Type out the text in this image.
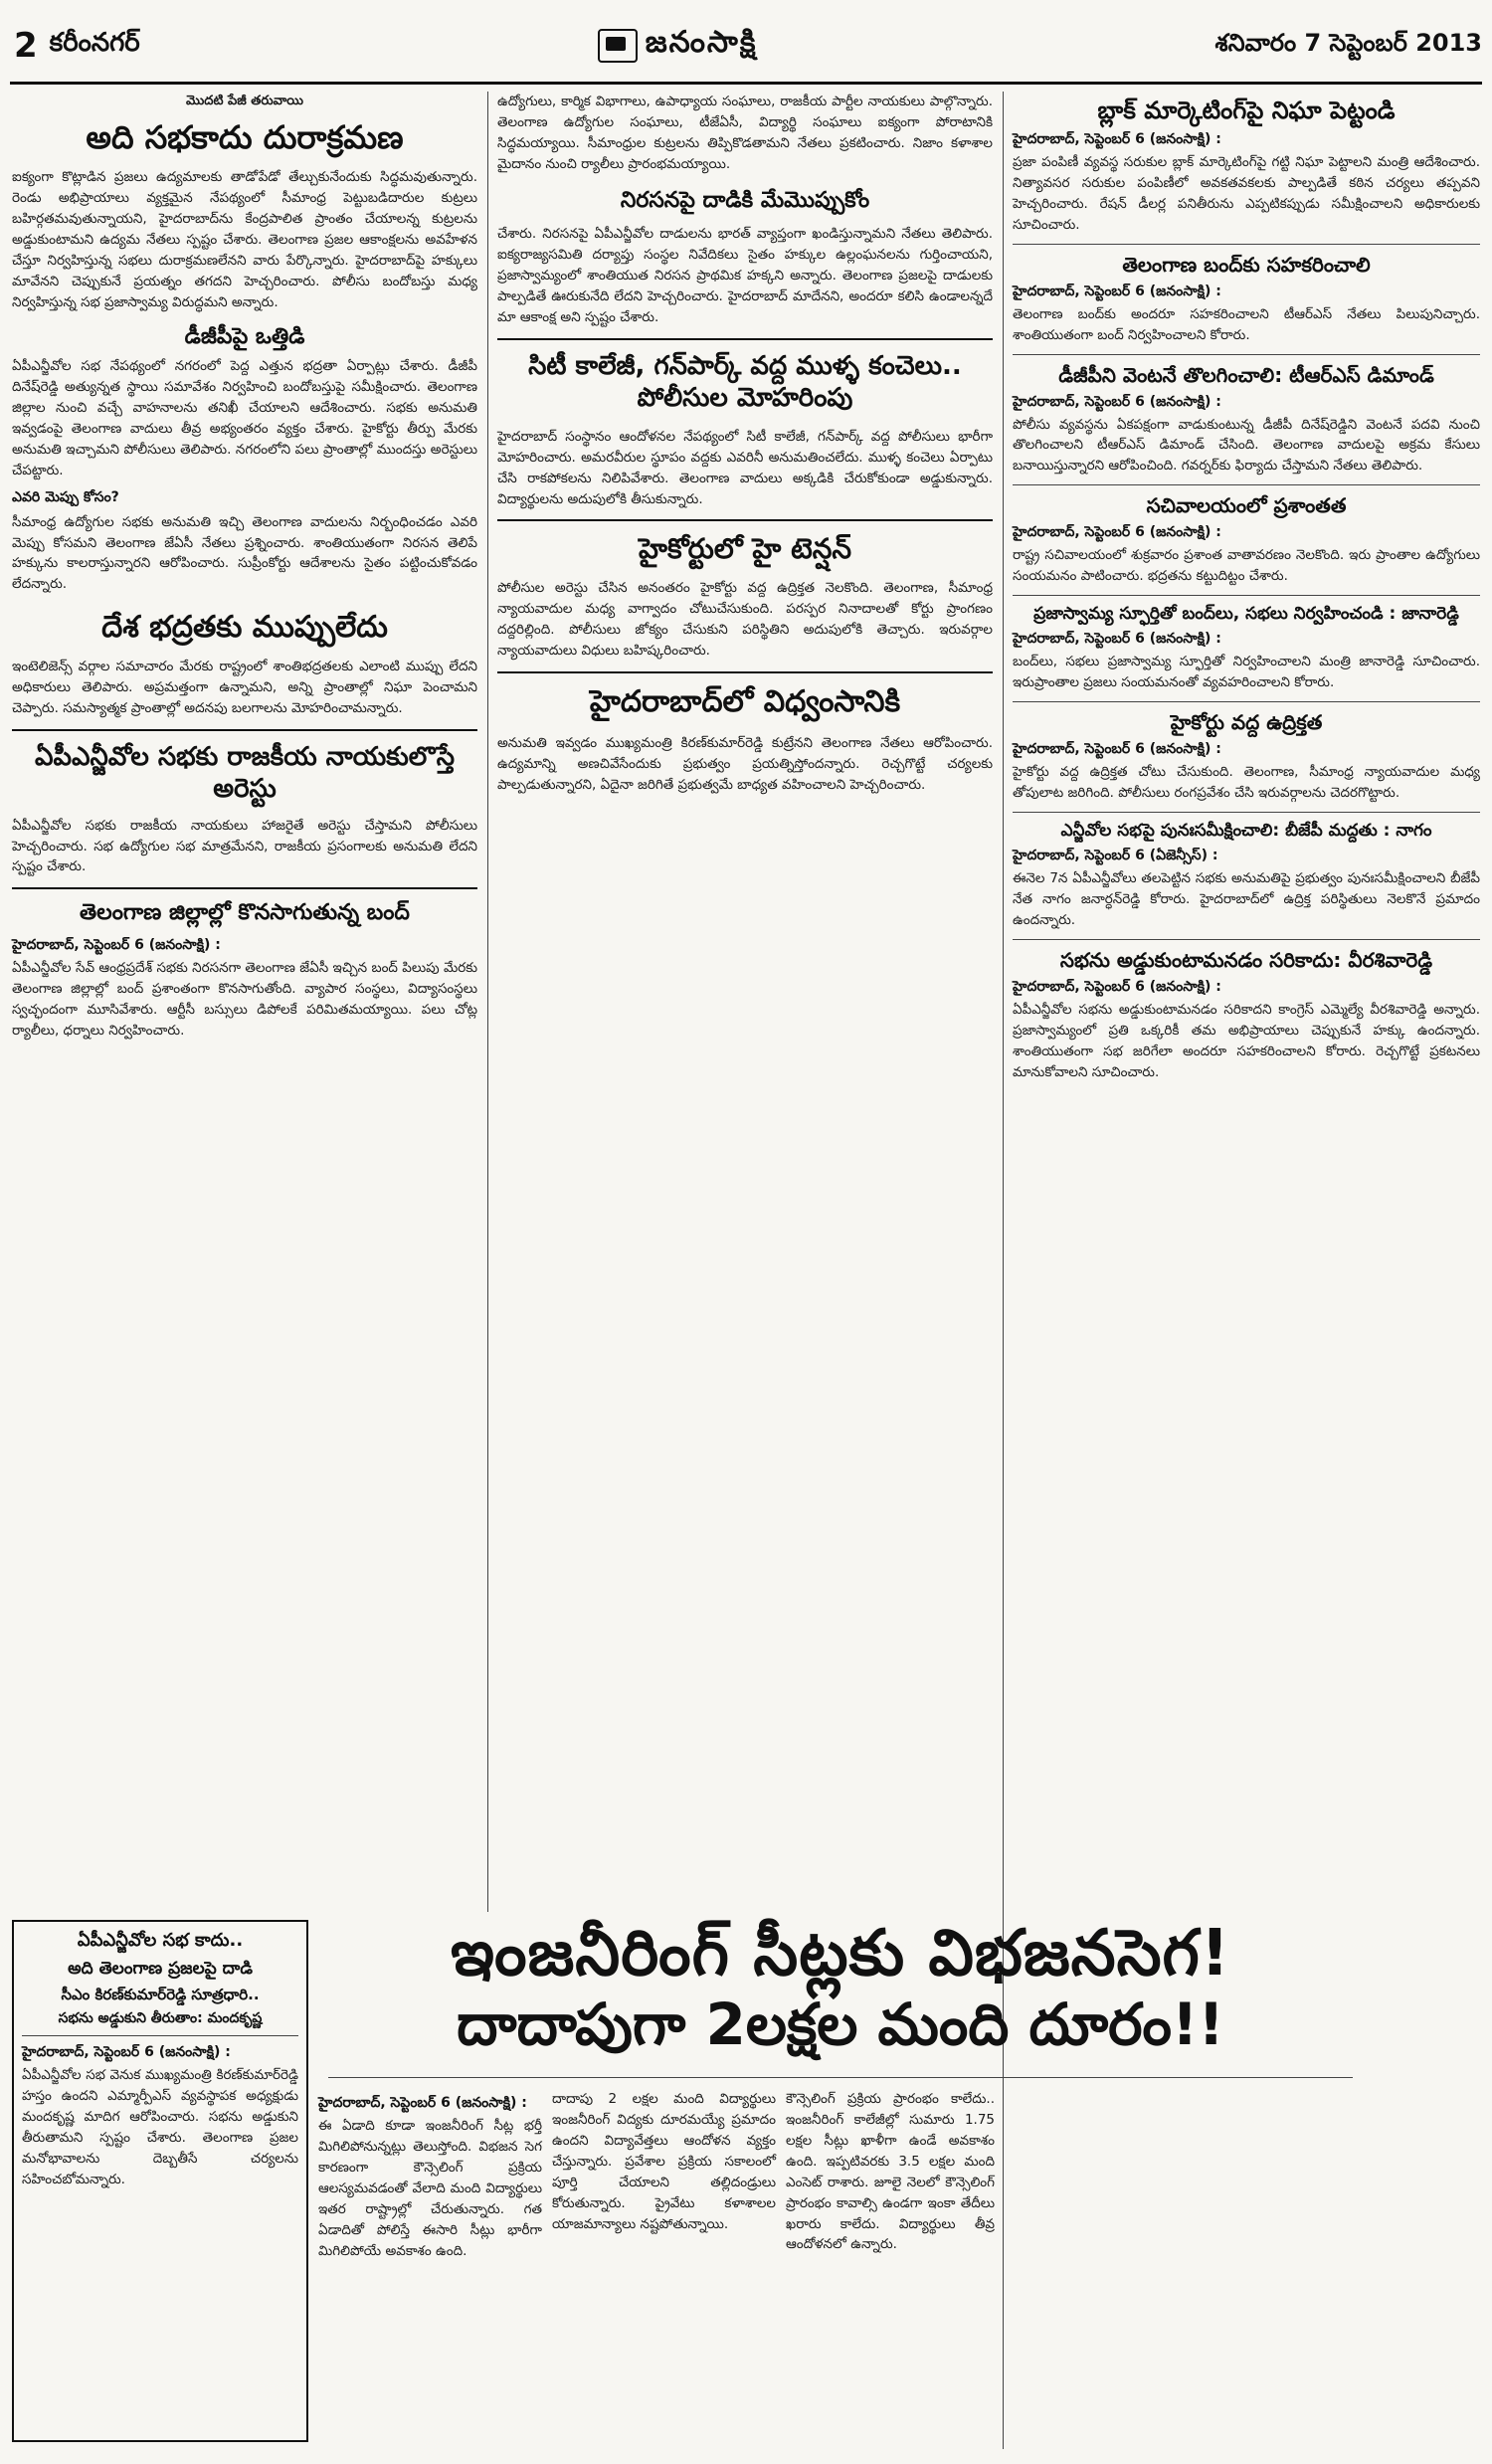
2 కరీంనగర్	జనంసాక్షి	శనివారం 7 సెప్టెంబర్ 2013
మొదటి పేజీ తరువాయి
అది సభకాదు దురాక్రమణ
ఐక్యంగా కొట్లాడిన ప్రజలు ఉద్యమాలకు తాడోపేడో తేల్చుకునేందుకు సిద్ధమవుతున్నారు. రెండు అభిప్రాయాలు వ్యక్తమైన నేపథ్యంలో సీమాంధ్ర పెట్టుబడిదారుల కుట్రలు బహిర్గతమవుతున్నాయని, హైదరాబాద్‌ను కేంద్రపాలిత ప్రాంతం చేయాలన్న కుట్రలను అడ్డుకుంటామని ఉద్యమ నేతలు స్పష్టం చేశారు. తెలంగాణ ప్రజల ఆకాంక్షలను అవహేళన చేస్తూ నిర్వహిస్తున్న సభలు దురాక్రమణలేనని వారు పేర్కొన్నారు. హైదరాబాద్‌పై హక్కులు మావేనని చెప్పుకునే ప్రయత్నం తగదని హెచ్చరించారు. పోలీసు బందోబస్తు మధ్య నిర్వహిస్తున్న సభ ప్రజాస్వామ్య విరుద్ధమని అన్నారు.
డీజీపీపై ఒత్తిడి
ఏపీఎన్జీవోల సభ నేపథ్యంలో నగరంలో పెద్ద ఎత్తున భద్రతా ఏర్పాట్లు చేశారు. డీజీపీ దినేష్‌రెడ్డి అత్యున్నత స్థాయి సమావేశం నిర్వహించి బందోబస్తుపై సమీక్షించారు. తెలంగాణ జిల్లాల నుంచి వచ్చే వాహనాలను తనిఖీ చేయాలని ఆదేశించారు. సభకు అనుమతి ఇవ్వడంపై తెలంగాణ వాదులు తీవ్ర అభ్యంతరం వ్యక్తం చేశారు. హైకోర్టు తీర్పు మేరకు అనుమతి ఇచ్చామని పోలీసులు తెలిపారు. నగరంలోని పలు ప్రాంతాల్లో ముందస్తు అరెస్టులు చేపట్టారు.
ఎవరి మెప్పు కోసం?
సీమాంధ్ర ఉద్యోగుల సభకు అనుమతి ఇచ్చి తెలంగాణ వాదులను నిర్బంధించడం ఎవరి మెప్పు కోసమని తెలంగాణ జేఏసీ నేతలు ప్రశ్నించారు. శాంతియుతంగా నిరసన తెలిపే హక్కును కాలరాస్తున్నారని ఆరోపించారు. సుప్రీంకోర్టు ఆదేశాలను సైతం పట్టించుకోవడం లేదన్నారు.
దేశ భద్రతకు ముప్పులేదు
ఇంటెలిజెన్స్ వర్గాల సమాచారం మేరకు రాష్ట్రంలో శాంతిభద్రతలకు ఎలాంటి ముప్పు లేదని అధికారులు తెలిపారు. అప్రమత్తంగా ఉన్నామని, అన్ని ప్రాంతాల్లో నిఘా పెంచామని చెప్పారు. సమస్యాత్మక ప్రాంతాల్లో అదనపు బలగాలను మోహరించామన్నారు.
ఏపీఎన్జీవోల సభకు రాజకీయ నాయకులొస్తే అరెస్టు
ఏపీఎన్జీవోల సభకు రాజకీయ నాయకులు హాజరైతే అరెస్టు చేస్తామని పోలీసులు హెచ్చరించారు. సభ ఉద్యోగుల సభ మాత్రమేనని, రాజకీయ ప్రసంగాలకు అనుమతి లేదని స్పష్టం చేశారు.
తెలంగాణ జిల్లాల్లో కొనసాగుతున్న బంద్
హైదరాబాద్, సెప్టెంబర్ 6 (జనంసాక్షి) :
ఏపీఎన్జీవోల సేవ్ ఆంధ్రప్రదేశ్ సభకు నిరసనగా తెలంగాణ జేఏసీ ఇచ్చిన బంద్ పిలుపు మేరకు తెలంగాణ జిల్లాల్లో బంద్ ప్రశాంతంగా కొనసాగుతోంది. వ్యాపార సంస్థలు, విద్యాసంస్థలు స్వచ్ఛందంగా మూసివేశారు. ఆర్టీసీ బస్సులు డిపోలకే పరిమితమయ్యాయి. పలు చోట్ల ర్యాలీలు, ధర్నాలు నిర్వహించారు.
ఉద్యోగులు, కార్మిక విభాగాలు, ఉపాధ్యాయ సంఘాలు, రాజకీయ పార్టీల నాయకులు పాల్గొన్నారు. తెలంగాణ ఉద్యోగుల సంఘాలు, టీజేఏసీ, విద్యార్థి సంఘాలు ఐక్యంగా పోరాటానికి సిద్ధమయ్యాయి. సీమాంధ్రుల కుట్రలను తిప్పికొడతామని నేతలు ప్రకటించారు. నిజాం కళాశాల మైదానం నుంచి ర్యాలీలు ప్రారంభమయ్యాయి.
నిరసనపై దాడికి మేమొప్పుకోం
చేశారు. నిరసనపై ఏపీఎన్జీవోల దాడులను భారత్ వ్యాప్తంగా ఖండిస్తున్నామని నేతలు తెలిపారు. ఐక్యరాజ్యసమితి దర్యాప్తు సంస్థల నివేదికలు సైతం హక్కుల ఉల్లంఘనలను గుర్తించాయని, ప్రజాస్వామ్యంలో శాంతియుత నిరసన ప్రాథమిక హక్కని అన్నారు. తెలంగాణ ప్రజలపై దాడులకు పాల్పడితే ఊరుకునేది లేదని హెచ్చరించారు. హైదరాబాద్ మాదేనని, అందరూ కలిసి ఉండాలన్నదే మా ఆకాంక్ష అని స్పష్టం చేశారు.
సిటీ కాలేజీ, గన్‌పార్క్ వద్ద ముళ్ళ కంచెలు.. పోలీసుల మోహరింపు
హైదరాబాద్ సంస్థానం ఆందోళనల నేపథ్యంలో సిటీ కాలేజీ, గన్‌పార్క్ వద్ద పోలీసులు భారీగా మోహరించారు. అమరవీరుల స్థూపం వద్దకు ఎవరినీ అనుమతించలేదు. ముళ్ళ కంచెలు ఏర్పాటు చేసి రాకపోకలను నిలిపివేశారు. తెలంగాణ వాదులు అక్కడికి చేరుకోకుండా అడ్డుకున్నారు. విద్యార్థులను అదుపులోకి తీసుకున్నారు.
హైకోర్టులో హై టెన్షన్
పోలీసుల అరెస్టు చేసిన అనంతరం హైకోర్టు వద్ద ఉద్రిక్తత నెలకొంది. తెలంగాణ, సీమాంధ్ర న్యాయవాదుల మధ్య వాగ్వాదం చోటుచేసుకుంది. పరస్పర నినాదాలతో కోర్టు ప్రాంగణం దద్దరిల్లింది. పోలీసులు జోక్యం చేసుకుని పరిస్థితిని అదుపులోకి తెచ్చారు. ఇరువర్గాల న్యాయవాదులు విధులు బహిష్కరించారు.
హైదరాబాద్‌లో విధ్వంసానికి
అనుమతి ఇవ్వడం ముఖ్యమంత్రి కిరణ్‌కుమార్‌రెడ్డి కుట్రేనని తెలంగాణ నేతలు ఆరోపించారు. ఉద్యమాన్ని అణచివేసేందుకు ప్రభుత్వం ప్రయత్నిస్తోందన్నారు. రెచ్చగొట్టే చర్యలకు పాల్పడుతున్నారని, ఏదైనా జరిగితే ప్రభుత్వమే బాధ్యత వహించాలని హెచ్చరించారు.
బ్లాక్ మార్కెటింగ్‌పై నిఘా పెట్టండి
హైదరాబాద్, సెప్టెంబర్ 6 (జనంసాక్షి) :
ప్రజా పంపిణీ వ్యవస్థ సరుకుల బ్లాక్ మార్కెటింగ్‌పై గట్టి నిఘా పెట్టాలని మంత్రి ఆదేశించారు. నిత్యావసర సరుకుల పంపిణీలో అవకతవకలకు పాల్పడితే కఠిన చర్యలు తప్పవని హెచ్చరించారు. రేషన్ డీలర్ల పనితీరును ఎప్పటికప్పుడు సమీక్షించాలని అధికారులకు సూచించారు.
తెలంగాణ బంద్‌కు సహకరించాలి
హైదరాబాద్, సెప్టెంబర్ 6 (జనంసాక్షి) :
తెలంగాణ బంద్‌కు అందరూ సహకరించాలని టీఆర్ఎస్ నేతలు పిలుపునిచ్చారు. శాంతియుతంగా బంద్ నిర్వహించాలని కోరారు.
డీజీపీని వెంటనే తొలగించాలి: టీఆర్ఎస్ డిమాండ్
హైదరాబాద్, సెప్టెంబర్ 6 (జనంసాక్షి) :
పోలీసు వ్యవస్థను ఏకపక్షంగా వాడుకుంటున్న డీజీపీ దినేష్‌రెడ్డిని వెంటనే పదవి నుంచి తొలగించాలని టీఆర్ఎస్ డిమాండ్ చేసింది. తెలంగాణ వాదులపై అక్రమ కేసులు బనాయిస్తున్నారని ఆరోపించింది. గవర్నర్‌కు ఫిర్యాదు చేస్తామని నేతలు తెలిపారు.
సచివాలయంలో ప్రశాంతత
హైదరాబాద్, సెప్టెంబర్ 6 (జనంసాక్షి) :
రాష్ట్ర సచివాలయంలో శుక్రవారం ప్రశాంత వాతావరణం నెలకొంది. ఇరు ప్రాంతాల ఉద్యోగులు సంయమనం పాటించారు. భద్రతను కట్టుదిట్టం చేశారు.
ప్రజాస్వామ్య స్ఫూర్తితో బంద్‌లు, సభలు నిర్వహించండి : జానారెడ్డి
హైదరాబాద్, సెప్టెంబర్ 6 (జనంసాక్షి) :
బంద్‌లు, సభలు ప్రజాస్వామ్య స్ఫూర్తితో నిర్వహించాలని మంత్రి జానారెడ్డి సూచించారు. ఇరుప్రాంతాల ప్రజలు సంయమనంతో వ్యవహరించాలని కోరారు.
హైకోర్టు వద్ద ఉద్రిక్తత
హైదరాబాద్, సెప్టెంబర్ 6 (జనంసాక్షి) :
హైకోర్టు వద్ద ఉద్రిక్తత చోటు చేసుకుంది. తెలంగాణ, సీమాంధ్ర న్యాయవాదుల మధ్య తోపులాట జరిగింది. పోలీసులు రంగప్రవేశం చేసి ఇరువర్గాలను చెదరగొట్టారు.
ఎన్జీవోల సభపై పునఃసమీక్షించాలి: బీజేపీ మద్దతు : నాగం
హైదరాబాద్, సెప్టెంబర్ 6 (ఏజెన్సీస్) :
ఈనెల 7న ఏపీఎన్జీవోలు తలపెట్టిన సభకు అనుమతిపై ప్రభుత్వం పునఃసమీక్షించాలని బీజేపీ నేత నాగం జనార్ధన్‌రెడ్డి కోరారు. హైదరాబాద్‌లో ఉద్రిక్త పరిస్థితులు నెలకొనే ప్రమాదం ఉందన్నారు.
సభను అడ్డుకుంటామనడం సరికాదు: వీరశివారెడ్డి
హైదరాబాద్, సెప్టెంబర్ 6 (జనంసాక్షి) :
ఏపీఎన్జీవోల సభను అడ్డుకుంటామనడం సరికాదని కాంగ్రెస్ ఎమ్మెల్యే వీరశివారెడ్డి అన్నారు. ప్రజాస్వామ్యంలో ప్రతి ఒక్కరికీ తమ అభిప్రాయాలు చెప్పుకునే హక్కు ఉందన్నారు. శాంతియుతంగా సభ జరిగేలా అందరూ సహకరించాలని కోరారు. రెచ్చగొట్టే ప్రకటనలు మానుకోవాలని సూచించారు.
ఏపీఎన్జీవోల సభ కాదు..
అది తెలంగాణ ప్రజలపై దాడి
సీఎం కిరణ్‌కుమార్‌రెడ్డి సూత్రధారి..
సభను అడ్డుకుని తీరుతాం: మందకృష్ణ
హైదరాబాద్, సెప్టెంబర్ 6 (జనంసాక్షి) :
ఏపీఎన్జీవోల సభ వెనుక ముఖ్యమంత్రి కిరణ్‌కుమార్‌రెడ్డి హస్తం ఉందని ఎమ్మార్పీఎస్ వ్యవస్థాపక అధ్యక్షుడు మందకృష్ణ మాదిగ ఆరోపించారు. సభను అడ్డుకుని తీరుతామని స్పష్టం చేశారు. తెలంగాణ ప్రజల మనోభావాలను దెబ్బతీసే చర్యలను సహించబోమన్నారు.
ఇంజనీరింగ్ సీట్లకు విభజనసెగ!
దాదాపుగా 2లక్షల మంది దూరం!!
హైదరాబాద్, సెప్టెంబర్ 6 (జనంసాక్షి) :
ఈ ఏడాది కూడా ఇంజనీరింగ్ సీట్ల భర్తీ మిగిలిపోనున్నట్లు తెలుస్తోంది. విభజన సెగ కారణంగా కౌన్సెలింగ్ ప్రక్రియ ఆలస్యమవడంతో వేలాది మంది విద్యార్థులు ఇతర రాష్ట్రాల్లో చేరుతున్నారు. గత ఏడాదితో పోలిస్తే ఈసారి సీట్లు భారీగా మిగిలిపోయే అవకాశం ఉంది.
దాదాపు 2 లక్షల మంది విద్యార్థులు ఇంజనీరింగ్ విద్యకు దూరమయ్యే ప్రమాదం ఉందని విద్యావేత్తలు ఆందోళన వ్యక్తం చేస్తున్నారు. ప్రవేశాల ప్రక్రియ సకాలంలో పూర్తి చేయాలని తల్లిదండ్రులు కోరుతున్నారు. ప్రైవేటు కళాశాలల యాజమాన్యాలు నష్టపోతున్నాయి.
కౌన్సెలింగ్ ప్రక్రియ ప్రారంభం కాలేదు.. ఇంజనీరింగ్ కాలేజీల్లో సుమారు 1.75 లక్షల సీట్లు ఖాళీగా ఉండే అవకాశం ఉంది. ఇప్పటివరకు 3.5 లక్షల మంది ఎంసెట్ రాశారు. జూలై నెలలో కౌన్సెలింగ్ ప్రారంభం కావాల్సి ఉండగా ఇంకా తేదీలు ఖరారు కాలేదు. విద్యార్థులు తీవ్ర ఆందోళనలో ఉన్నారు.
